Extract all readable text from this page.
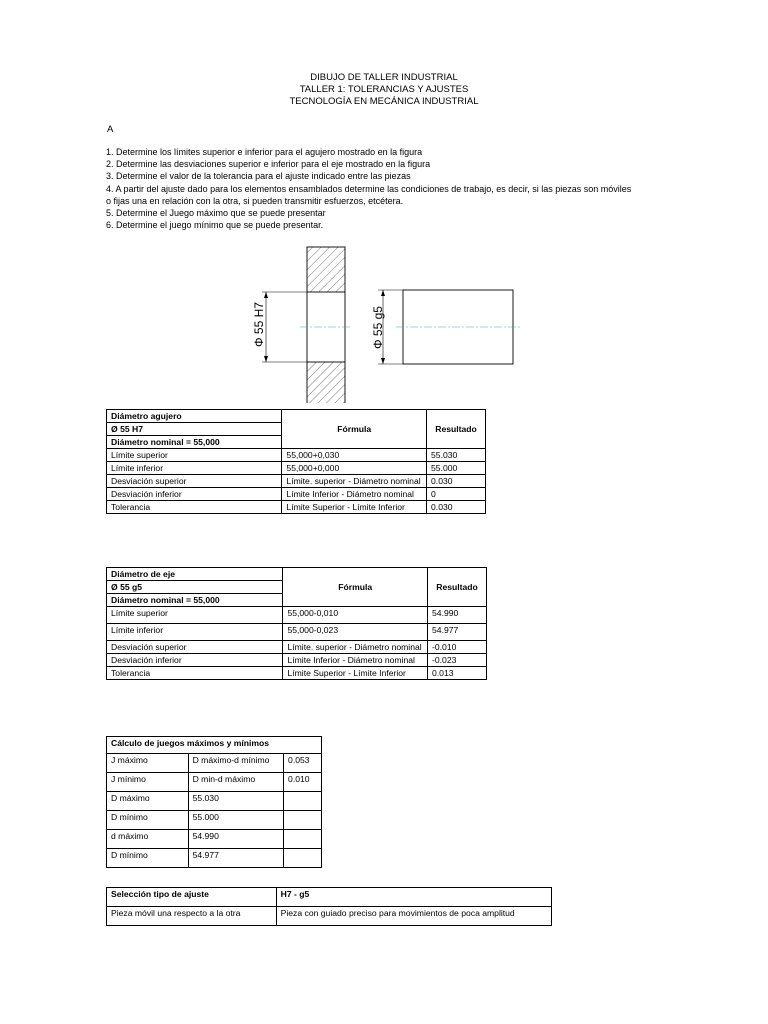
DIBUJO DE TALLER INDUSTRIAL
TALLER 1: TOLERANCIAS Y AJUSTES
TECNOLOGÍA EN MECÁNICA INDUSTRIAL
A
1. Determine los límites superior e inferior para el agujero mostrado en la figura
2. Determine las desviaciones superior e inferior para el eje mostrado en la figura
3. Determine el valor de la tolerancia para el ajuste indicado entre las piezas
4. A partir del ajuste dado para los elementos ensamblados determine las condiciones de trabajo, es decir, si las piezas son móviles
o fijas una en relación con la otra, si pueden transmitir esfuerzos, etcétera.
5. Determine el Juego máximo que se puede presentar
6. Determine el juego mínimo que se puede presentar.
Φ 55 H7	Φ 55 g5
Diámetro agujero	Fórmula	Resultado
Ø 55 H7		
Diámetro nominal = 55,000		
Límite superior	55,000+0,030	55.030
Límite inferior	55,000+0,000	55.000
Desviación superior	Límite. superior - Diámetro nominal	0.030
Desviación inferior	Límite Inferior - Diámetro nominal	0
Tolerancia	Límite Superior - Límite Inferior	0.030
Diámetro de eje	Fórmula	Resultado
Ø 55 g5		
Diámetro nominal = 55,000		
Límite superior	55,000-0,010	54.990
Límite inferior	55,000-0,023	54.977
Desviación superior	Límite. superior - Diámetro nominal	-0.010
Desviación inferior	Límite Inferior - Diámetro nominal	-0.023
Tolerancia	Límite Superior - Límite Inferior	0.013
Cálculo de juegos máximos y mínimos		
J máximo	D máximo-d mínimo	0.053
J mínimo	D min-d máximo	0.010
D máximo	55.030	
D mínimo	55.000	
d máximo	54.990	
D mínimo	54.977	
Selección tipo de ajuste	H7 - g5
Pieza móvil una respecto a la otra	Pieza con guiado preciso para movimientos de poca amplitud
